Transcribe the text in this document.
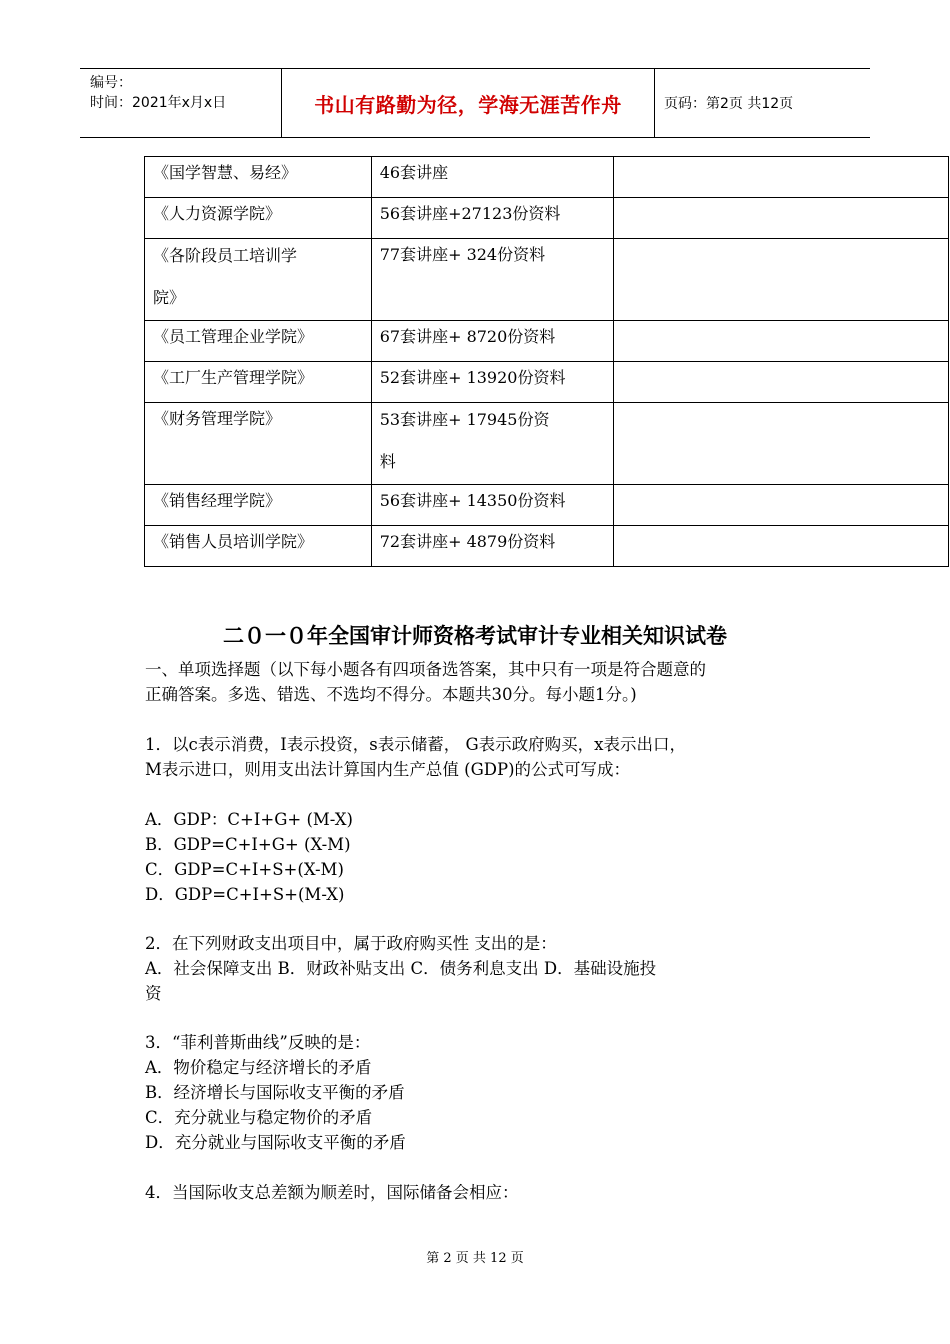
编号：
时间：2021年x月x日	书山有路勤为径，学海无涯苦作舟	页码：第2页 共12页
《国学智慧、易经》	46套讲座	
《人力资源学院》	56套讲座+27123份资料	

《各阶段员工培训学
院》	77套讲座+ 324份资料	
《员工管理企业学院》	67套讲座+ 8720份资料	
《工厂生产管理学院》	52套讲座+ 13920份资料	
《财务管理学院》	53套讲座+ 17945份资
料	

《销售经理学院》	56套讲座+ 14350份资料	
《销售人员培训学院》	72套讲座+ 4879份资料	
二０一０年全国审计师资格考试审计专业相关知识试卷
一、单项选择题（以下每小题各有四项备选答案，其中只有一项是符合题意的
正确答案。多选、错选、不选均不得分。本题共30分。每小题1分。)
1．以c表示消费，I表示投资，s表示储蓄， G表示政府购买，x表示出口，
M表示进口，则用支出法计算国内生产总值 (GDP)的公式可写成：
A．GDP：C+I+G+ (M-X)
B．GDP=C+I+G+ (X-M)
C．GDP=C+I+S+(X-M)
D．GDP=C+I+S+(M-X)
2．在下列财政支出项目中，属于政府购买性 支出的是：
A．社会保障支出 B．财政补贴支出 C．债务利息支出 D．基础设施投
资
3．“菲利普斯曲线”反映的是：
A．物价稳定与经济增长的矛盾
B．经济增长与国际收支平衡的矛盾
C．充分就业与稳定物价的矛盾
D．充分就业与国际收支平衡的矛盾
4．当国际收支总差额为顺差时，国际储备会相应：
第 2 页 共 12 页
